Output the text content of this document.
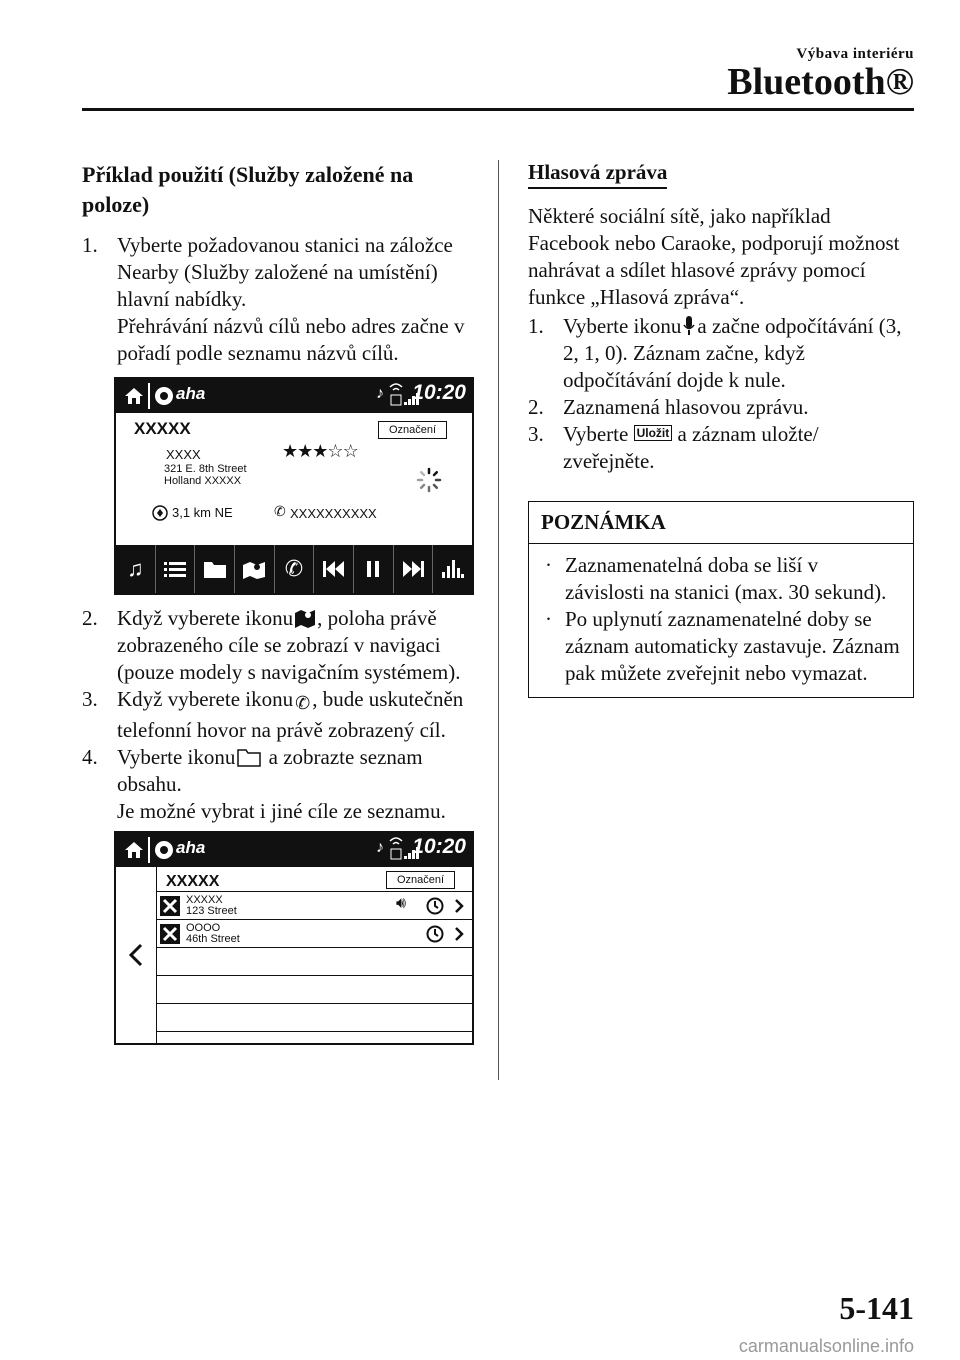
Výbava interiéru
Bluetooth®
Příklad použití (Služby založené na poloze)
1. Vyberte požadovanou stanici na záložce Nearby (Služby založené na umístění) hlavní nabídky.
Přehrávání názvů cílů nebo adres začne v pořadí podle seznamu názvů cílů.
aha	♪ 10:20
XXXXX	Označení
XXXX
321 E. 8th Street
Holland XXXXX
★★★☆☆
3,1 km NE	✆ XXXXXXXXXX
♫	✆
2. Když vyberete ikonu , poloha právě zobrazeného cíle se zobrazí v navigaci (pouze modely s navigačním systémem).
3. Když vyberete ikonu ✆, bude uskutečněn telefonní hovor na právě zobrazený cíl.
4. Vyberte ikonu a zobrazte seznam obsahu.
Je možné vybrat i jiné cíle ze seznamu.
aha	♪ 10:20
XXXXX	Označení
XXXXX
123 Street	🔊︎
OOOO
46th Street
Hlasová zpráva

Některé sociální sítě, jako například Facebook nebo Caraoke, podporují možnost nahrávat a sdílet hlasové zprávy pomocí funkce „Hlasová zpráva“.

1. Vyberte ikonu a začne odpočítávání (3, 2, 1, 0). Záznam začne, když odpočítávání dojde k nule.
2. Zaznamená hlasovou zprávu.
3. Vyberte Uložit a záznam uložte/ zveřejněte.
POZNÁMKA
· Zaznamenatelná doba se liší v závislosti na stanici (max. 30 sekund).
· Po uplynutí zaznamenatelné doby se záznam automaticky zastavuje. Záznam pak můžete zveřejnit nebo vymazat.
5-141
carmanualsonline.info
